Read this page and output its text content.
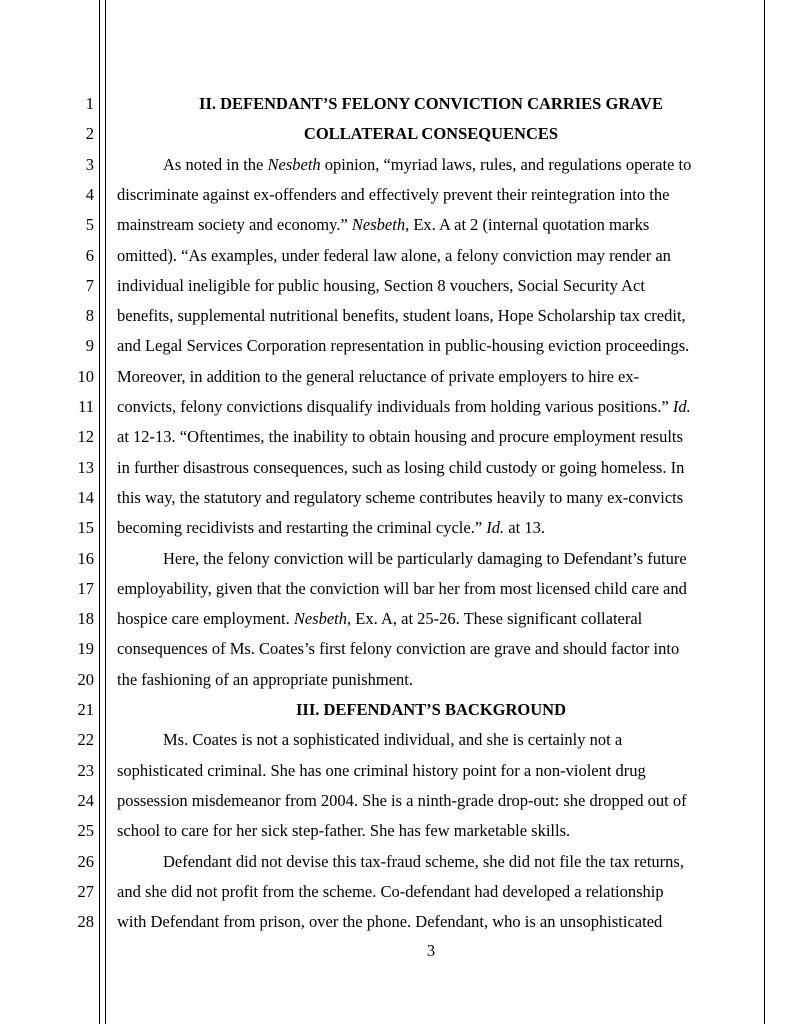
1
2
3
4
5
6
7
8
9
10
11
12
13
14
15
16
17
18
19
20
21
22
23
24
25
26
27
28
II. DEFENDANT’S FELONY CONVICTION CARRIES GRAVE
COLLATERAL CONSEQUENCES
As noted in the Nesbeth opinion, “myriad laws, rules, and regulations operate to
discriminate against ex-offenders and effectively prevent their reintegration into the
mainstream society and economy.” Nesbeth, Ex. A at 2 (internal quotation marks
omitted). “As examples, under federal law alone, a felony conviction may render an
individual ineligible for public housing, Section 8 vouchers, Social Security Act
benefits, supplemental nutritional benefits, student loans, Hope Scholarship tax credit,
and Legal Services Corporation representation in public-housing eviction proceedings.
Moreover, in addition to the general reluctance of private employers to hire ex-
convicts, felony convictions disqualify individuals from holding various positions.” Id.
at 12-13. “Oftentimes, the inability to obtain housing and procure employment results
in further disastrous consequences, such as losing child custody or going homeless. In
this way, the statutory and regulatory scheme contributes heavily to many ex-convicts
becoming recidivists and restarting the criminal cycle.” Id. at 13.
Here, the felony conviction will be particularly damaging to Defendant’s future
employability, given that the conviction will bar her from most licensed child care and
hospice care employment. Nesbeth, Ex. A, at 25-26. These significant collateral
consequences of Ms. Coates’s first felony conviction are grave and should factor into
the fashioning of an appropriate punishment.
III. DEFENDANT’S BACKGROUND
Ms. Coates is not a sophisticated individual, and she is certainly not a
sophisticated criminal. She has one criminal history point for a non-violent drug
possession misdemeanor from 2004. She is a ninth-grade drop-out: she dropped out of
school to care for her sick step-father. She has few marketable skills.
Defendant did not devise this tax-fraud scheme, she did not file the tax returns,
and she did not profit from the scheme. Co-defendant had developed a relationship
with Defendant from prison, over the phone. Defendant, who is an unsophisticated
3
